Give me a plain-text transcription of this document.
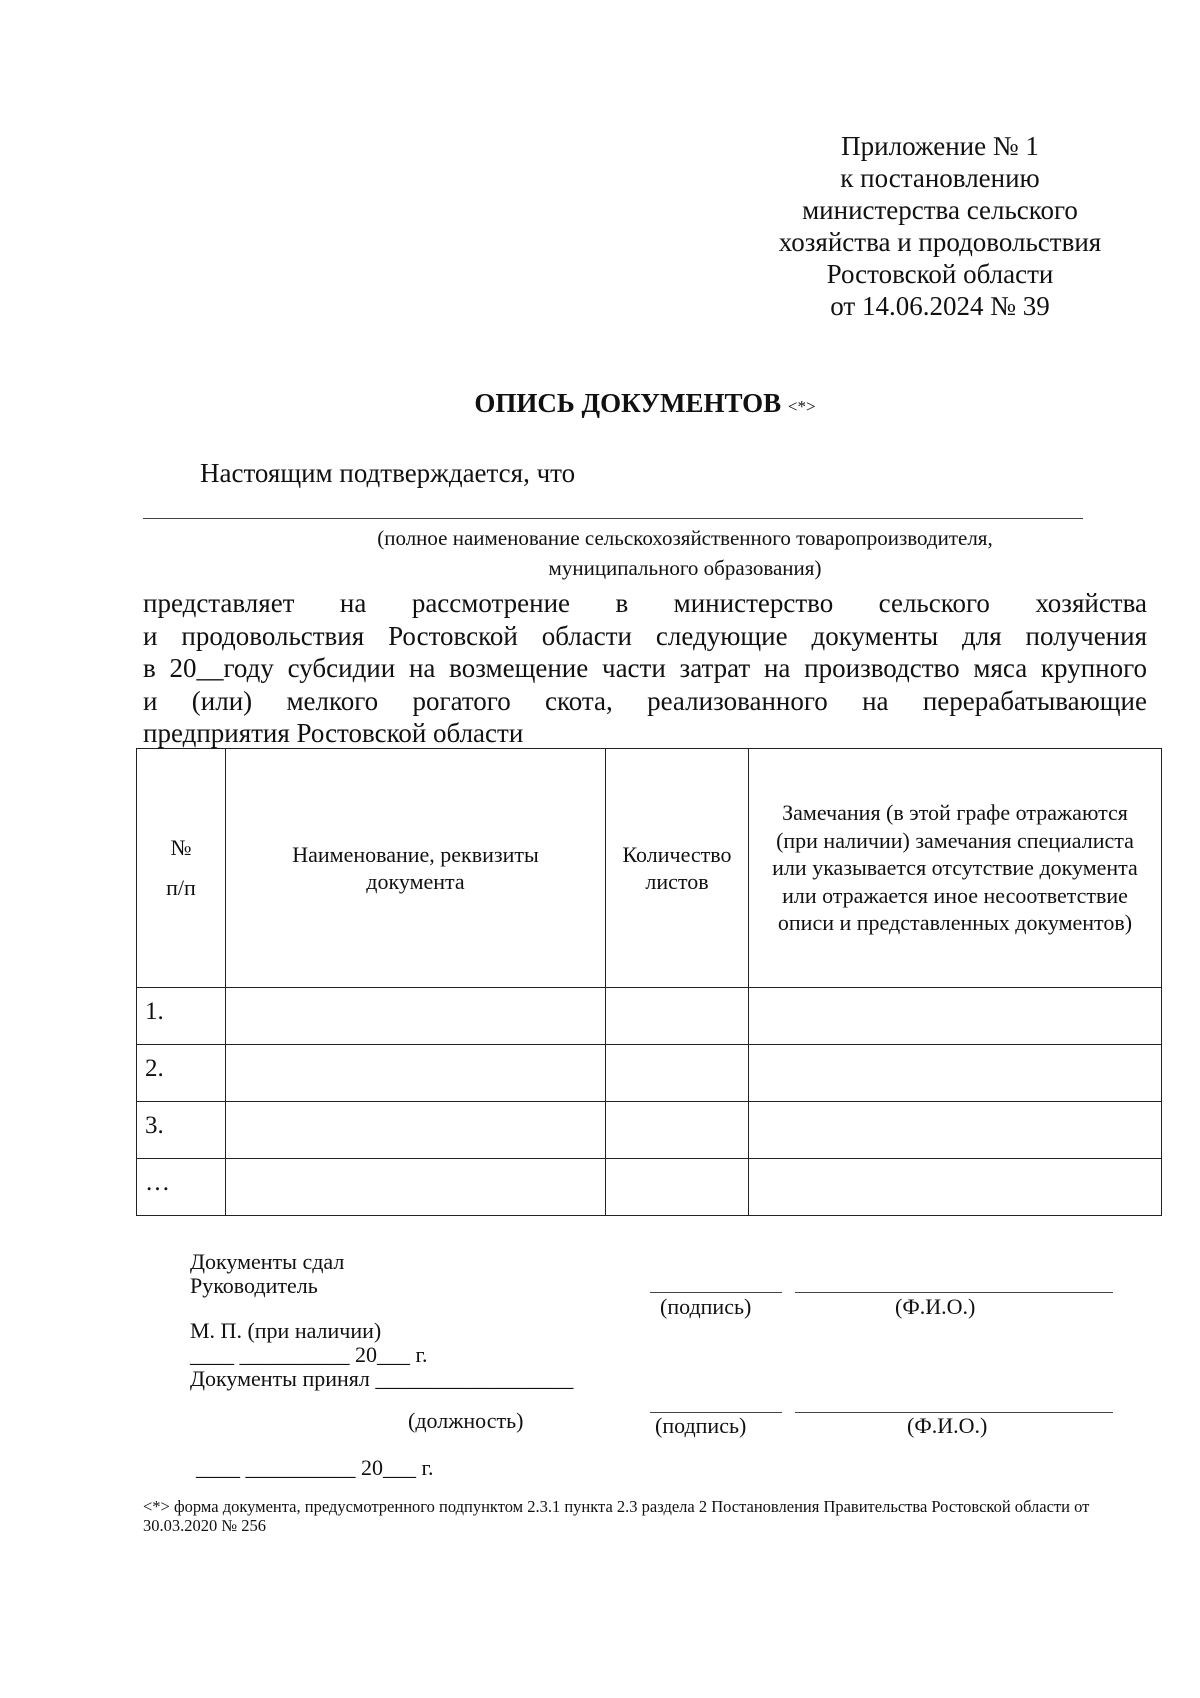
Приложение № 1
к постановлению
министерства сельского
хозяйства и продовольствия
Ростовской области
от 14.06.2024 № 39
ОПИСЬ ДОКУМЕНТОВ <*>
Настоящим подтверждается, что
(полное наименование сельскохозяйственного товаропроизводителя,
муниципального образования)
представляет на рассмотрение в министерство сельского хозяйства
и продовольствия Ростовской области следующие документы для получения
в 20__году субсидии на возмещение части затрат на производство мяса крупного
и (или) мелкого рогатого скота, реализованного на перерабатывающие
предприятия Ростовской области
№
п/п	Наименование, реквизиты документа	Количество листов	Замечания (в этой графе отражаются (при наличии) замечания специалиста или указывается отсутствие документа или отражается иное несоответствие описи и представленных документов)
1.			
2.			
3.			
…			
Документы сдал
Руководитель
(подпись)	(Ф.И.О.)
М. П. (при наличии)
____ __________ 20___ г.
Документы принял __________________
(должность)	(подпись)	(Ф.И.О.)
____ __________ 20___ г.
<*> форма документа, предусмотренного подпунктом 2.3.1 пункта 2.3 раздела 2 Постановления Правительства Ростовской области от 30.03.2020 № 256
